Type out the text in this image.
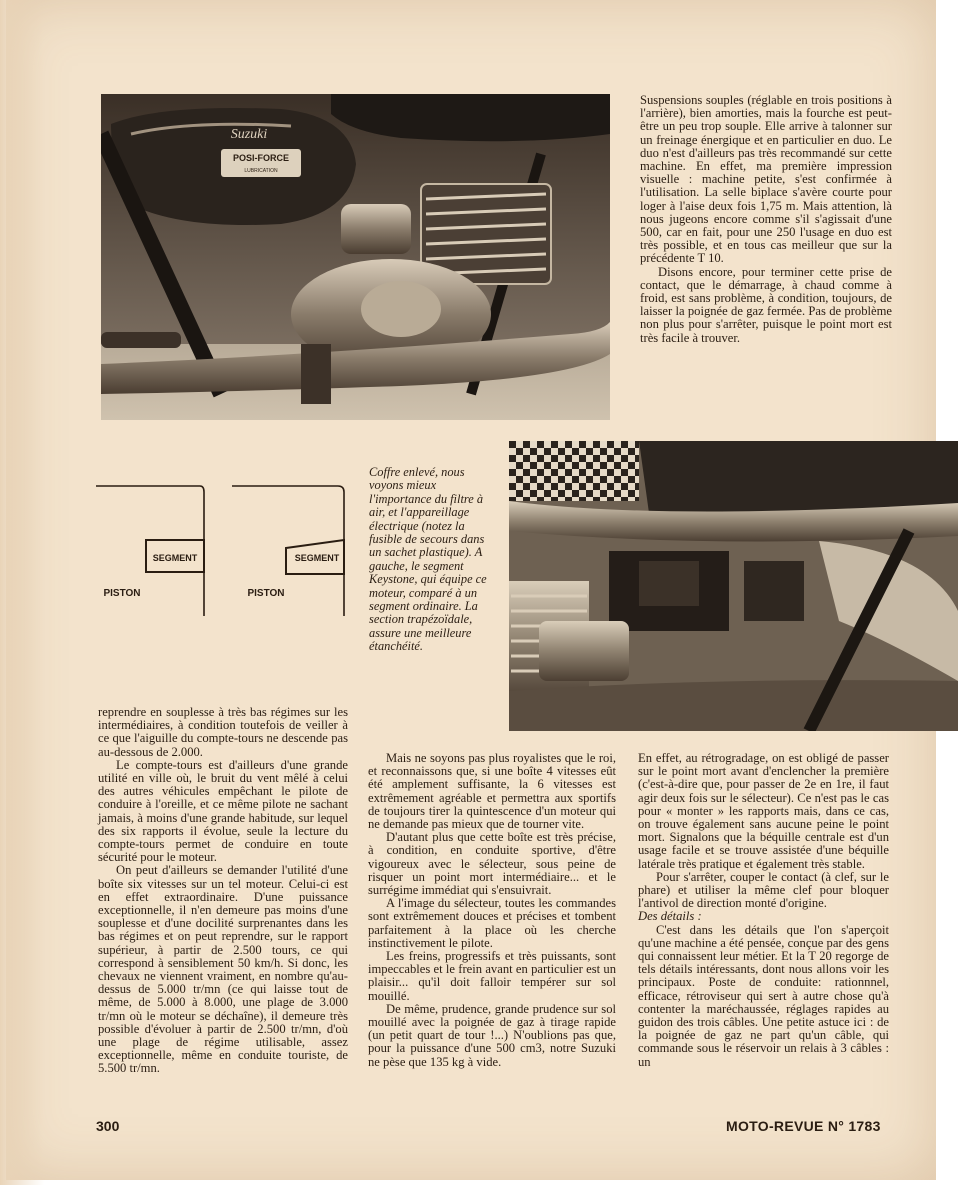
POSI-FORCE
LUBRICATION
Suzuki

Suspensions souples (réglable en trois positions à l'arrière), bien amorties, mais la fourche est peut-être un peu trop souple. Elle arrive à talonner sur un freinage énergique et en particulier en duo. Le duo n'est d'ailleurs pas très recommandé sur cette machine. En effet, ma première impression visuelle : machine petite, s'est confirmée à l'utilisation. La selle biplace s'avère courte pour loger à l'aise deux fois 1,75 m. Mais attention, là nous jugeons encore comme s'il s'agissait d'une 500, car en fait, pour une 250 l'usage en duo est très possible, et en tous cas meilleur que sur la précédente T 10.

Disons encore, pour terminer cette prise de contact, que le démarrage, à chaud comme à froid, est sans problème, à condition, toujours, de laisser la poignée de gaz fermée. Pas de problème non plus pour s'arrêter, puisque le point mort est très facile à trouver.

SEGMENT
PISTON
SEGMENT
PISTON
Coffre enlevé, nous voyons mieux l'importance du filtre à air, et l'appareillage électrique (notez la fusible de secours dans un sachet plastique). A gauche, le segment Keystone, qui équipe ce moteur, comparé à un segment ordinaire. La section trapézoïdale, assure une meilleure étanchéité.

reprendre en souplesse à très bas régimes sur les intermédiaires, à condition toutefois de veiller à ce que l'aiguille du compte-tours ne descende pas au-dessous de 2.000.

Le compte-tours est d'ailleurs d'une grande utilité en ville où, le bruit du vent mêlé à celui des autres véhicules empêchant le pilote de conduire à l'oreille, et ce même pilote ne sachant jamais, à moins d'une grande habitude, sur lequel des six rapports il évolue, seule la lecture du compte-tours permet de conduire en toute sécurité pour le moteur.

On peut d'ailleurs se demander l'utilité d'une boîte six vitesses sur un tel moteur. Celui-ci est en effet extraordinaire. D'une puissance exceptionnelle, il n'en demeure pas moins d'une souplesse et d'une docilité surprenantes dans les bas régimes et on peut reprendre, sur le rapport supérieur, à partir de 2.500 tours, ce qui correspond à sensiblement 50 km/h. Si donc, les chevaux ne viennent vraiment, en nombre qu'au-dessus de 5.000 tr/mn (ce qui laisse tout de même, de 5.000 à 8.000, une plage de 3.000 tr/mn où le moteur se déchaîne), il demeure très possible d'évoluer à partir de 2.500 tr/mn, d'où une plage de régime utilisable, assez exceptionnelle, même en conduite touriste, de 5.500 tr/mn.

Mais ne soyons pas plus royalistes que le roi, et reconnaissons que, si une boîte 4 vitesses eût été amplement suffisante, la 6 vitesses est extrêmement agréable et permettra aux sportifs de toujours tirer la quintescence d'un moteur qui ne demande pas mieux que de tourner vite.

D'autant plus que cette boîte est très précise, à condition, en conduite sportive, d'être vigoureux avec le sélecteur, sous peine de risquer un point mort intermédiaire... et le surrégime immédiat qui s'ensuivrait.

A l'image du sélecteur, toutes les commandes sont extrêmement douces et précises et tombent parfaitement à la place où les cherche instinctivement le pilote.

Les freins, progressifs et très puissants, sont impeccables et le frein avant en particulier est un plaisir... qu'il doit falloir tempérer sur sol mouillé.

De même, prudence, grande prudence sur sol mouillé avec la poignée de gaz à tirage rapide (un petit quart de tour !...) N'oublions pas que, pour la puissance d'une 500 cm3, notre Suzuki ne pèse que 135 kg à vide.

En effet, au rétrogradage, on est obligé de passer sur le point mort avant d'enclencher la première (c'est-à-dire que, pour passer de 2e en 1re, il faut agir deux fois sur le sélecteur). Ce n'est pas le cas pour « monter » les rapports mais, dans ce cas, on trouve également sans aucune peine le point mort. Signalons que la béquille centrale est d'un usage facile et se trouve assistée d'une béquille latérale très pratique et également très stable.

Pour s'arrêter, couper le contact (à clef, sur le phare) et utiliser la même clef pour bloquer l'antivol de direction monté d'origine.

Des détails :

C'est dans les détails que l'on s'aperçoit qu'une machine a été pensée, conçue par des gens qui connaissent leur métier. Et la T 20 regorge de tels détails intéressants, dont nous allons voir les principaux. Poste de conduite: rationnnel, efficace, rétroviseur qui sert à autre chose qu'à contenter la maréchaussée, réglages rapides au guidon des trois câbles. Une petite astuce ici : de la poignée de gaz ne part qu'un câble, qui commande sous le réservoir un relais à 3 câbles : un

300	MOTO-REVUE N° 1783
